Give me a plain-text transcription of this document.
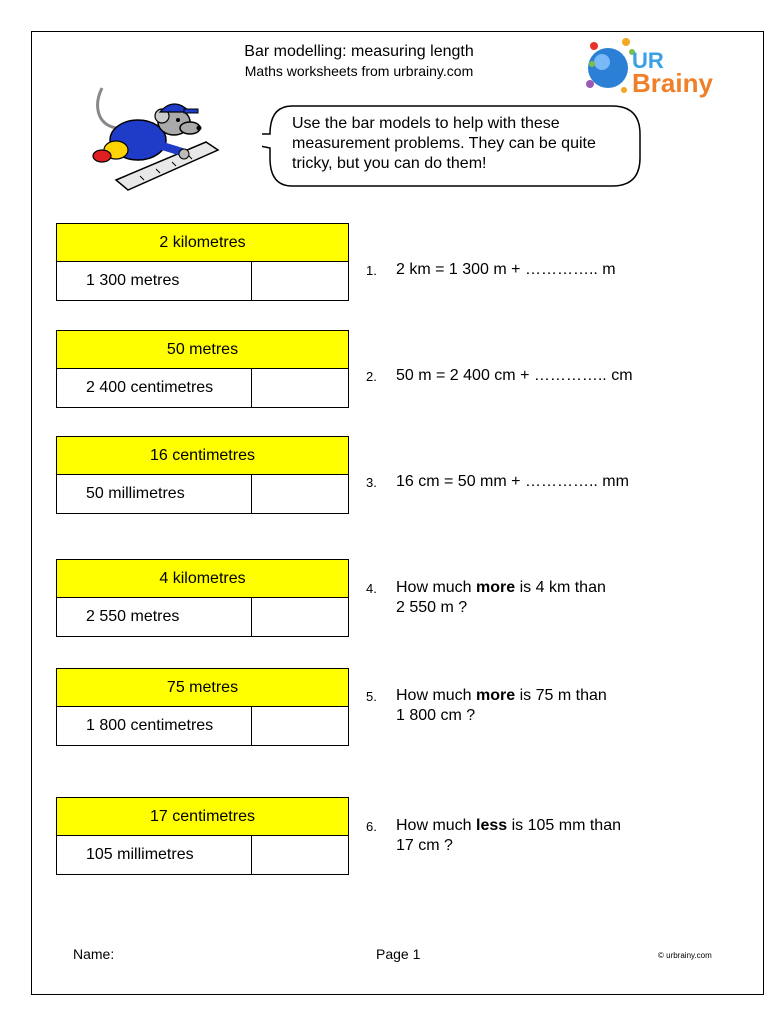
Bar modelling: measuring length
Maths worksheets from urbrainy.com	UR
Brainy
Use the bar models to help with these measurement problems. They can be quite tricky, but you can do them!
2 kilometres
1 300 metres
50 metres
2 400 centimetres
16 centimetres
50 millimetres
4 kilometres
2 550 metres
75 metres
1 800 centimetres
17 centimetres
105 millimetres
1. 2 km = 1 300 m + ………….. m
2. 50 m = 2 400 cm + ………….. cm
3. 16 cm = 50 mm + ………….. mm
4. How much more is 4 km than
2 550 m ?
5. How much more is 75 m than
1 800 cm ?
6. How much less is 105 mm than
17 cm ?
Name:	Page 1	© urbrainy.com
